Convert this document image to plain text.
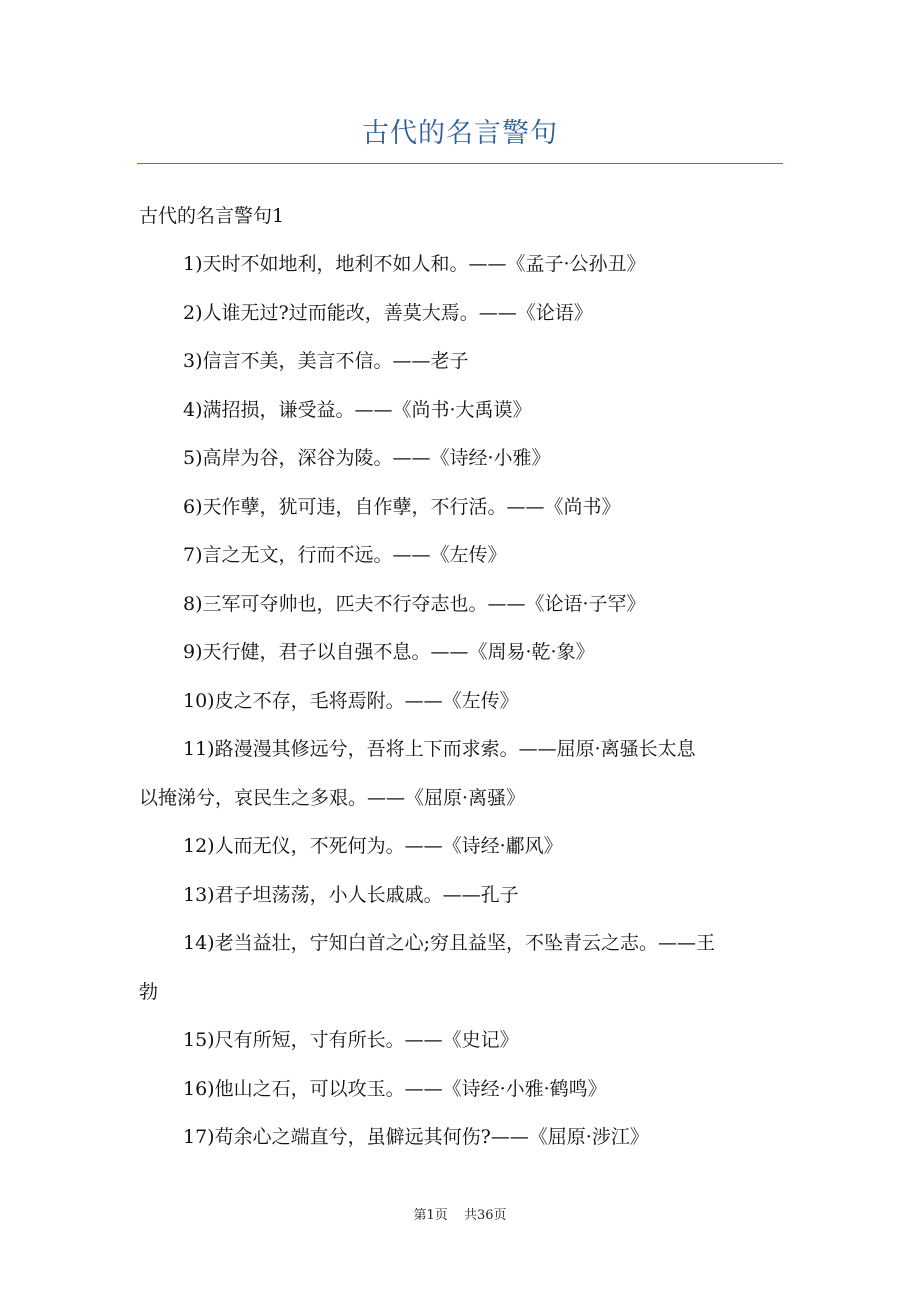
古代的名言警句
古代的名言警句1
1)天时不如地利，地利不如人和。——《孟子·公孙丑》
2)人谁无过?过而能改，善莫大焉。——《论语》
3)信言不美，美言不信。——老子
4)满招损，谦受益。——《尚书·大禹谟》
5)高岸为谷，深谷为陵。——《诗经·小雅》
6)天作孽，犹可违，自作孽，不行活。——《尚书》
7)言之无文，行而不远。——《左传》
8)三军可夺帅也，匹夫不行夺志也。——《论语·子罕》
9)天行健，君子以自强不息。——《周易·乾·象》
10)皮之不存，毛将焉附。——《左传》
11)路漫漫其修远兮，吾将上下而求索。——屈原·离骚长太息
以掩涕兮，哀民生之多艰。——《屈原·离骚》
12)人而无仪，不死何为。——《诗经·鄘风》
13)君子坦荡荡，小人长戚戚。——孔子
14)老当益壮，宁知白首之心;穷且益坚，不坠青云之志。——王
勃
15)尺有所短，寸有所长。——《史记》
16)他山之石，可以攻玉。——《诗经·小雅·鹤鸣》
17)苟余心之端直兮，虽僻远其何伤?——《屈原·涉江》
第1页 共36页
